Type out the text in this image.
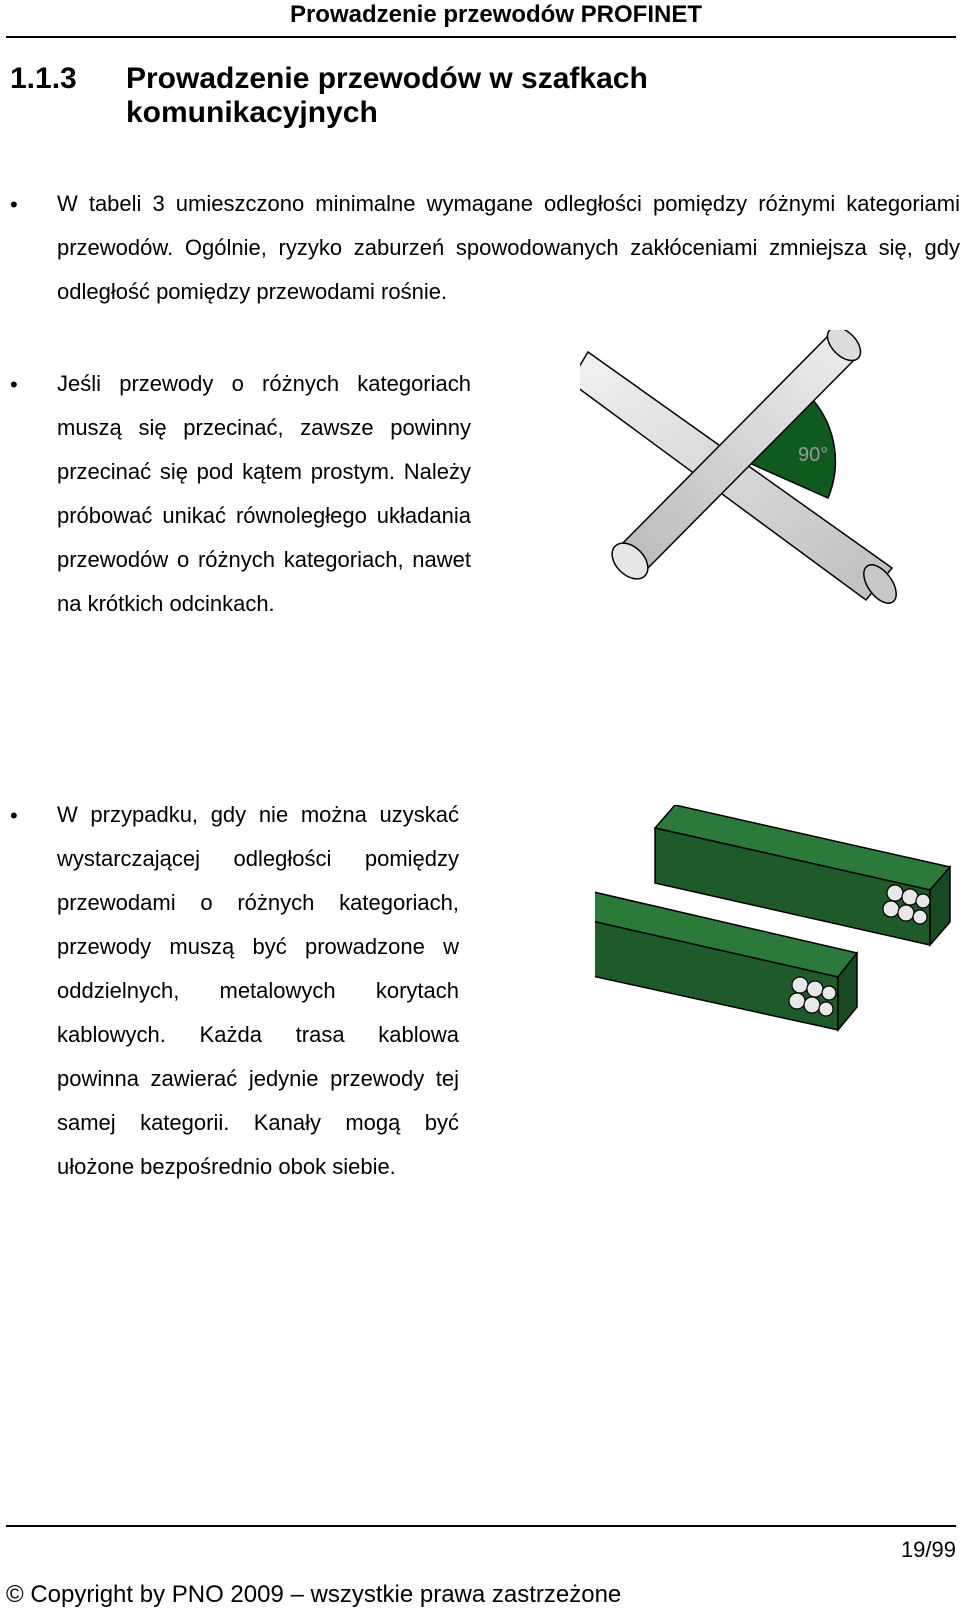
Prowadzenie przewodów PROFINET
1.1.3	Prowadzenie przewodów w szafkach komunikacyjnych
• W tabeli 3 umieszczono minimalne wymagane odległości pomiędzy różnymi kategoriami przewodów. Ogólnie, ryzyko zaburzeń spowodowanych zakłóceniami zmniejsza się, gdy odległość pomiędzy przewodami rośnie.
• Jeśli przewody o różnych kategoriach muszą się przecinać, zawsze powinny przecinać się pod kątem prostym. Należy próbować unikać równoległego układania przewodów o różnych kategoriach, nawet na krótkich odcinkach.
90°
• W przypadku, gdy nie można uzyskać wystarczającej odległości pomiędzy przewodami o różnych kategoriach, przewody muszą być prowadzone w oddzielnych, metalowych korytach kablowych. Każda trasa kablowa powinna zawierać jedynie przewody tej samej kategorii. Kanały mogą być ułożone bezpośrednio obok siebie.
19/99
© Copyright by PNO 2009 – wszystkie prawa zastrzeżone
